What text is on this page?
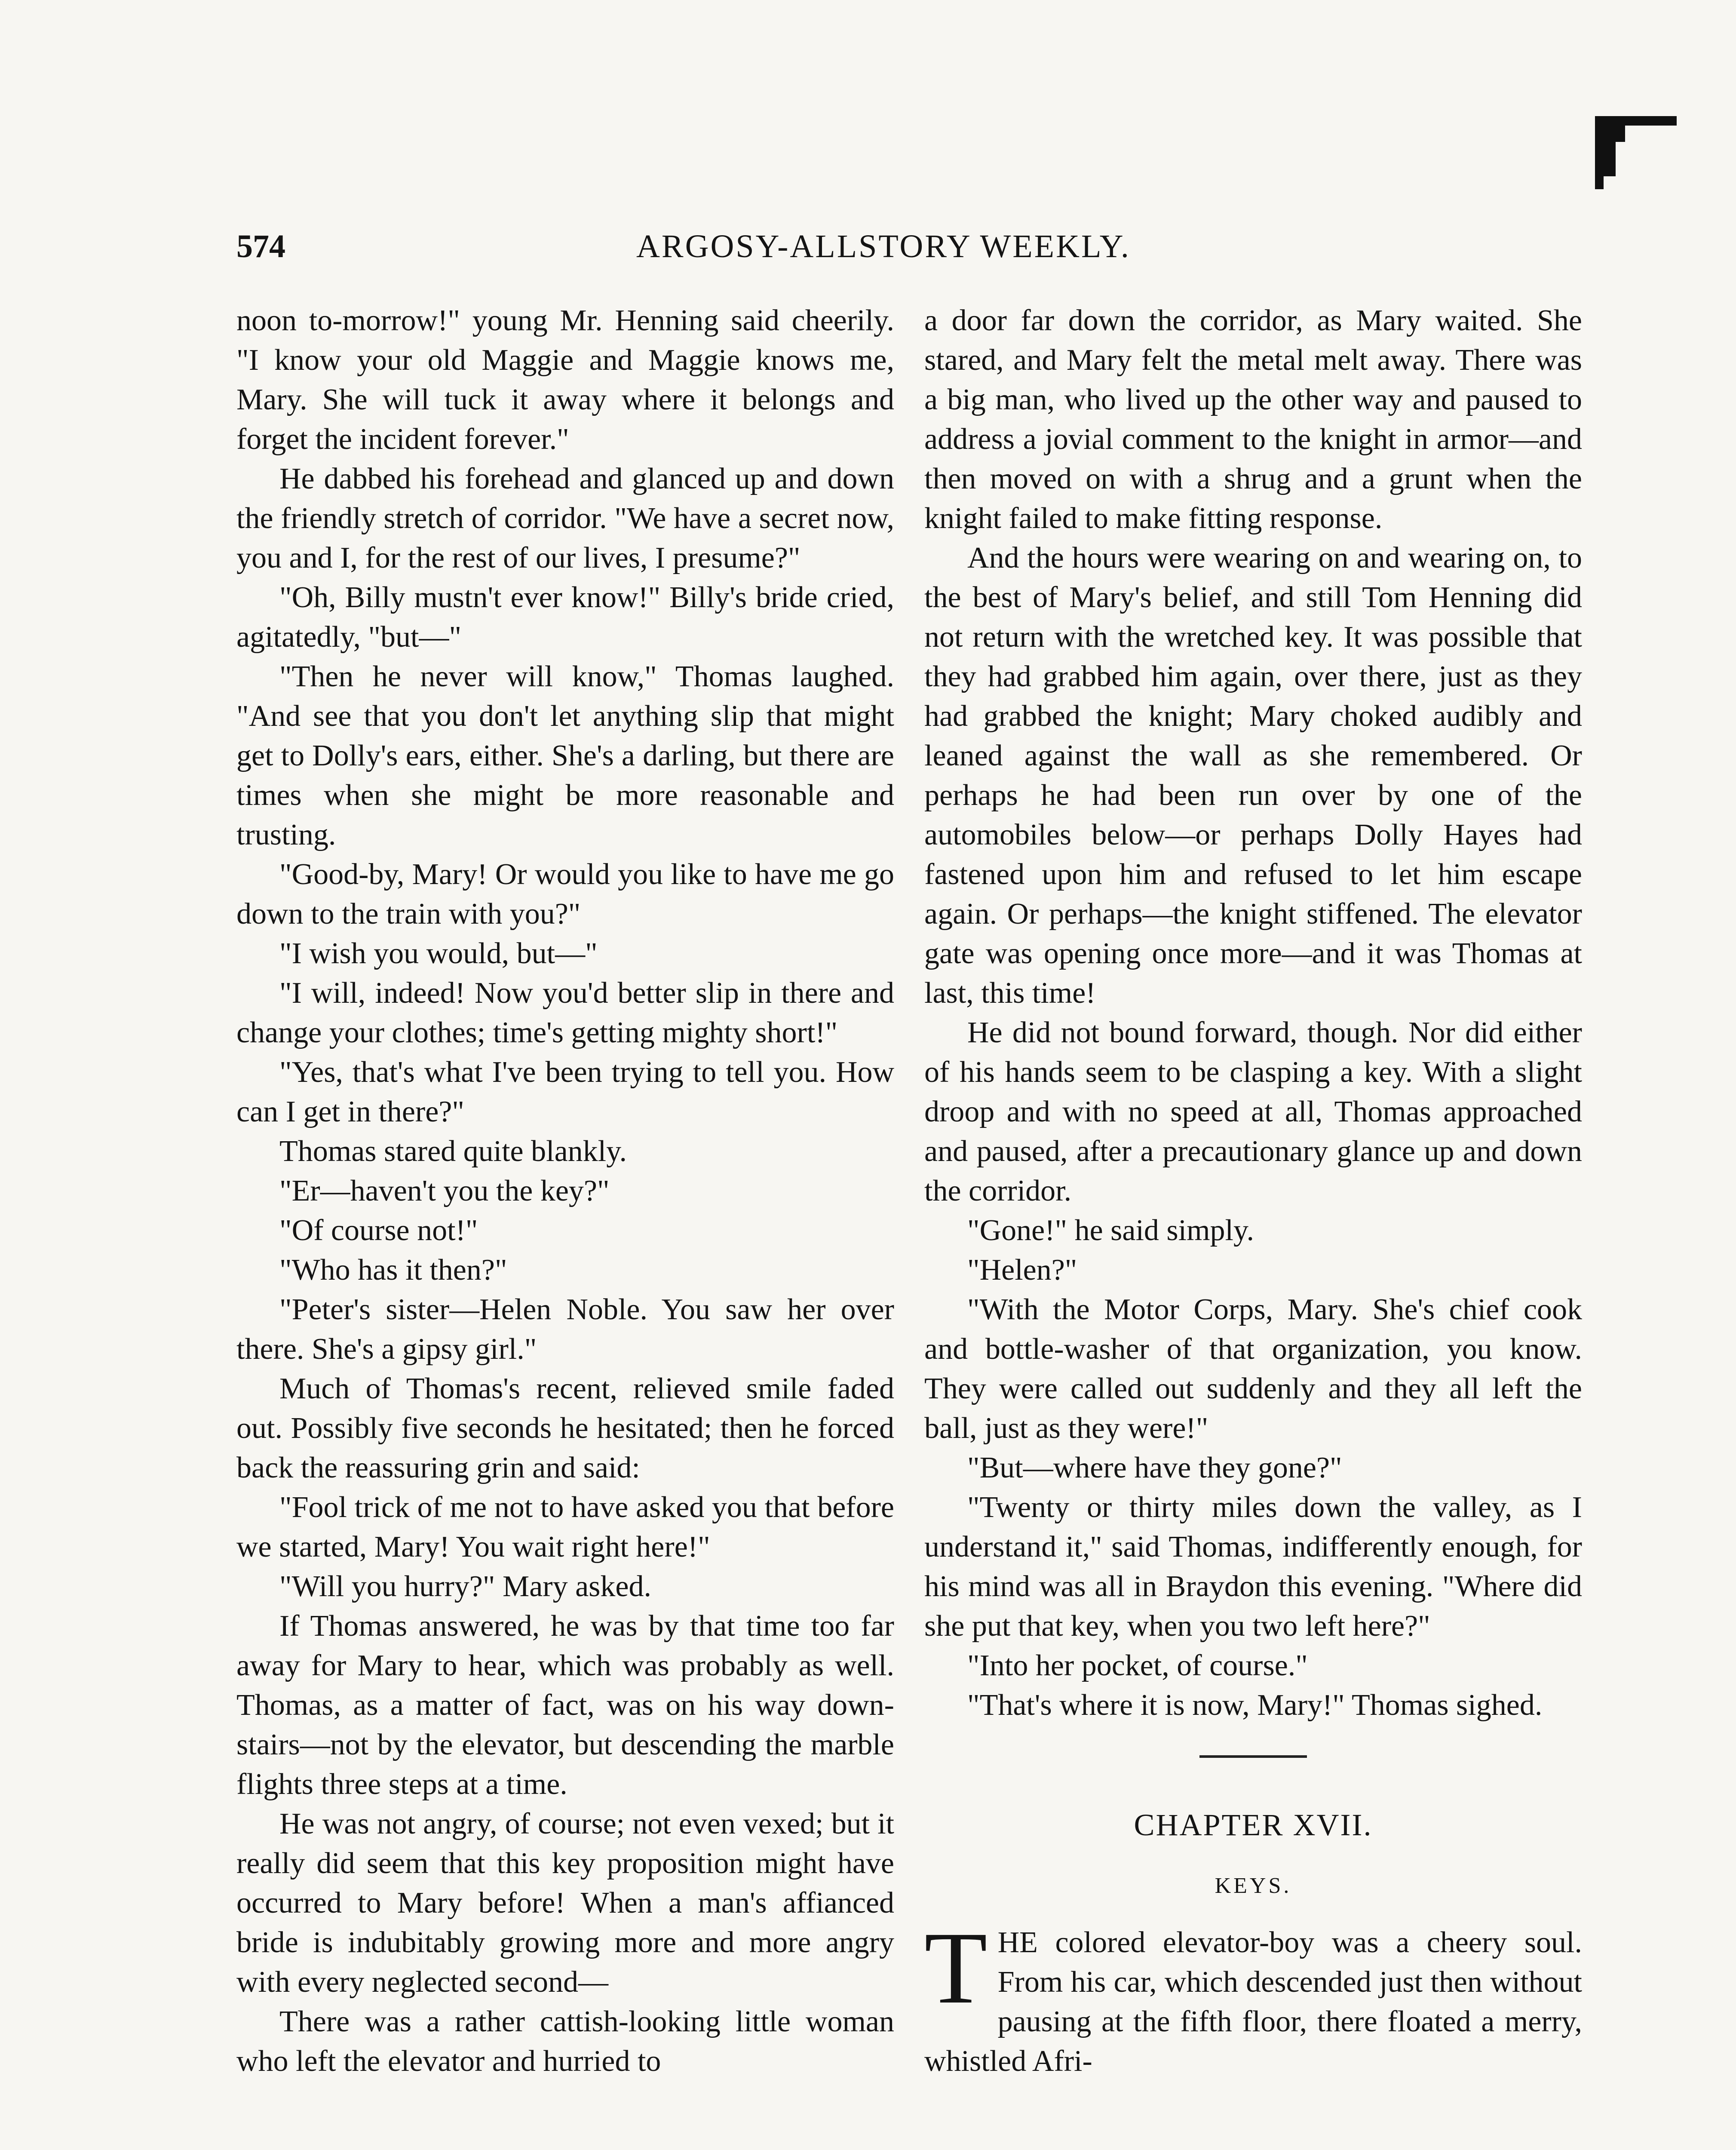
574	ARGOSY-ALLSTORY WEEKLY.

noon to-morrow!" young Mr. Henning said cheerily. "I know your old Maggie and Maggie knows me, Mary. She will tuck it away where it belongs and forget the incident forever."

He dabbed his forehead and glanced up and down the friendly stretch of corridor. "We have a secret now, you and I, for the rest of our lives, I presume?"

"Oh, Billy mustn't ever know!" Billy's bride cried, agitatedly, "but—"

"Then he never will know," Thomas laughed. "And see that you don't let anything slip that might get to Dolly's ears, either. She's a darling, but there are times when she might be more reasonable and trusting.

"Good-by, Mary! Or would you like to have me go down to the train with you?"

"I wish you would, but—"

"I will, indeed! Now you'd better slip in there and change your clothes; time's getting mighty short!"

"Yes, that's what I've been trying to tell you. How can I get in there?"

Thomas stared quite blankly.

"Er—haven't you the key?"

"Of course not!"

"Who has it then?"

"Peter's sister—Helen Noble. You saw her over there. She's a gipsy girl."

Much of Thomas's recent, relieved smile faded out. Possibly five seconds he hesitated; then he forced back the reassuring grin and said:

"Fool trick of me not to have asked you that before we started, Mary! You wait right here!"

"Will you hurry?" Mary asked.

If Thomas answered, he was by that time too far away for Mary to hear, which was probably as well. Thomas, as a matter of fact, was on his way down-stairs—not by the elevator, but descending the marble flights three steps at a time.

He was not angry, of course; not even vexed; but it really did seem that this key proposition might have occurred to Mary before! When a man's affianced bride is indubitably growing more and more angry with every neglected second—

There was a rather cattish-looking little woman who left the elevator and hurried to

a door far down the corridor, as Mary waited. She stared, and Mary felt the metal melt away. There was a big man, who lived up the other way and paused to address a jovial comment to the knight in armor—and then moved on with a shrug and a grunt when the knight failed to make fitting response.

And the hours were wearing on and wearing on, to the best of Mary's belief, and still Tom Henning did not return with the wretched key. It was possible that they had grabbed him again, over there, just as they had grabbed the knight; Mary choked audibly and leaned against the wall as she remembered. Or perhaps he had been run over by one of the automobiles below—or perhaps Dolly Hayes had fastened upon him and refused to let him escape again. Or perhaps—the knight stiffened. The elevator gate was opening once more—and it was Thomas at last, this time!

He did not bound forward, though. Nor did either of his hands seem to be clasping a key. With a slight droop and with no speed at all, Thomas approached and paused, after a precautionary glance up and down the corridor.

"Gone!" he said simply.

"Helen?"

"With the Motor Corps, Mary. She's chief cook and bottle-washer of that organization, you know. They were called out suddenly and they all left the ball, just as they were!"

"But—where have they gone?"

"Twenty or thirty miles down the valley, as I understand it," said Thomas, indifferently enough, for his mind was all in Braydon this evening. "Where did she put that key, when you two left here?"

"Into her pocket, of course."

"That's where it is now, Mary!" Thomas sighed.

CHAPTER XVII.
KEYS.

THE colored elevator-boy was a cheery soul. From his car, which descended just then without pausing at the fifth floor, there floated a merry, whistled Afri-
